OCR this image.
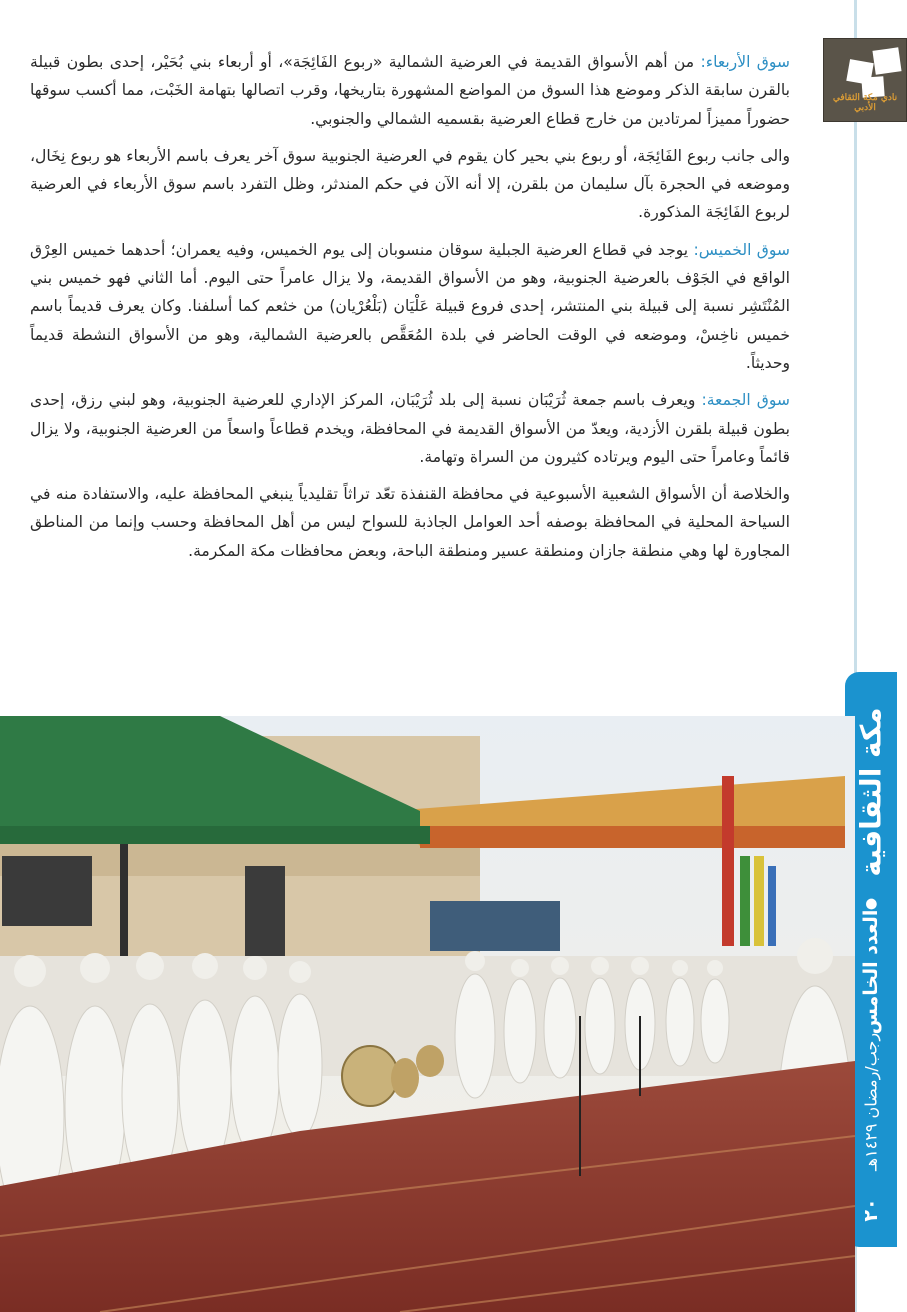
نادي مكة الثقافي الأدبي
مكة الثقافية
●
العدد الخامس
رجب/رمضان ١٤٢٩هـ
٢٠

سوق الأربعاء: من أهم الأسواق القديمة في العرضية الشمالية «ربوع الفَائِجَة»، أو أربعاء بني بُحَيْر، إحدى بطون قبيلة بالقرن سابقة الذكر وموضع هذا السوق من المواضع المشهورة بتاريخها، وقرب اتصالها بتهامة الخَبْت، مما أكسب سوقها حضوراً مميزاً لمرتادين من خارج قطاع العرضية بقسميه الشمالي والجنوبي.

والى جانب ربوع الفَائِجَة، أو ربوع بني بحير كان يقوم في العرضية الجنوبية سوق آخر يعرف باسم الأربعاء هو ربوع نِخَال، وموضعه في الحجرة بآل سليمان من بلقرن، إلا أنه الآن في حكم المندثر، وظل التفرد باسم سوق الأربعاء في العرضية لربوع الفَائِجَة المذكورة.

سوق الخميس: يوجد في قطاع العرضية الجبلية سوقان منسوبان إلى يوم الخميس، وفيه يعمران؛ أحدهما خميس العِرْق الواقع في الجَوْف بالعرضية الجنوبية، وهو من الأسواق القديمة، ولا يزال عامراً حتى اليوم. أما الثاني فهو خميس بني المُنْتَشِر نسبة إلى قبيلة بني المنتشر، إحدى فروع قبيلة عَلْيَان (بَلْعُرْيان) من خثعم كما أسلفنا. وكان يعرف قديماً باسم خميس ناخِسْ، وموضعه في الوقت الحاضر في بلدة المُعَقَّص بالعرضية الشمالية، وهو من الأسواق النشطة قديماً وحديثاً.

سوق الجمعة: ويعرف باسم جمعة ثُرَيْبَان نسبة إلى بلد ثُرَيْبَان، المركز الإداري للعرضية الجنوبية، وهو لبني رزق، إحدى بطون قبيلة بلقرن الأزدية، ويعدّ من الأسواق القديمة في المحافظة، ويخدم قطاعاً واسعاً من العرضية الجنوبية، ولا يزال قائماً وعامراً حتى اليوم ويرتاده كثيرون من السراة وتهامة.

والخلاصة أن الأسواق الشعبية الأسبوعية في محافظة القنفذة تعّد تراثاً تقليدياً ينبغي المحافظة عليه، والاستفادة منه في السياحة المحلية في المحافظة بوصفه أحد العوامل الجاذبة للسواح ليس من أهل المحافظة وحسب وإنما من المناطق المجاورة لها وهي منطقة جازان ومنطقة عسير ومنطقة الباحة، وبعض محافظات مكة المكرمة.
